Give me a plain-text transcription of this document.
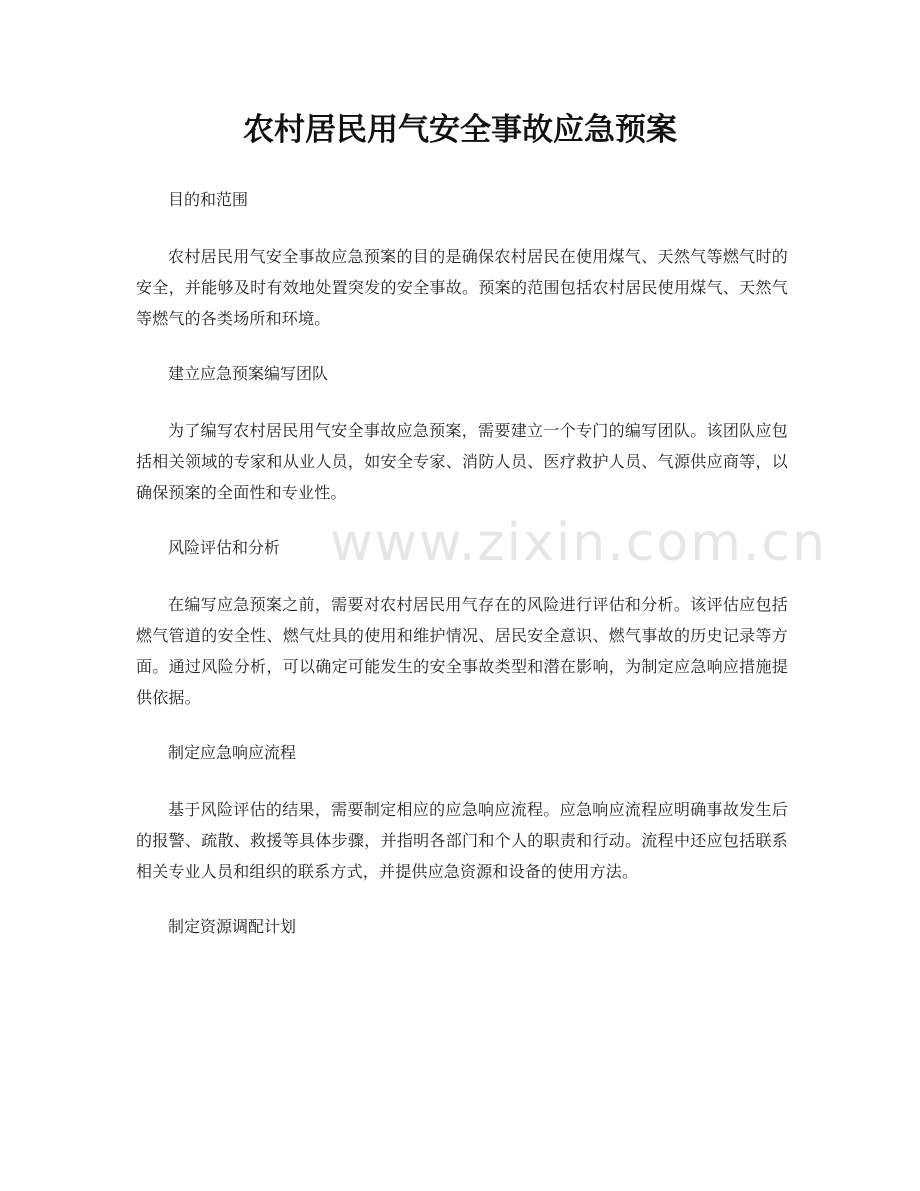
www.zixin.com.cn
农村居民用气安全事故应急预案

目的和范围

农村居民用气安全事故应急预案的目的是确保农村居民在使用煤气、天然气等燃气时的安全，并能够及时有效地处置突发的安全事故。预案的范围包括农村居民使用煤气、天然气等燃气的各类场所和环境。

建立应急预案编写团队

为了编写农村居民用气安全事故应急预案，需要建立一个专门的编写团队。该团队应包括相关领域的专家和从业人员，如安全专家、消防人员、医疗救护人员、气源供应商等，以确保预案的全面性和专业性。

风险评估和分析

在编写应急预案之前，需要对农村居民用气存在的风险进行评估和分析。该评估应包括燃气管道的安全性、燃气灶具的使用和维护情况、居民安全意识、燃气事故的历史记录等方面。通过风险分析，可以确定可能发生的安全事故类型和潜在影响，为制定应急响应措施提供依据。

制定应急响应流程

基于风险评估的结果，需要制定相应的应急响应流程。应急响应流程应明确事故发生后的报警、疏散、救援等具体步骤，并指明各部门和个人的职责和行动。流程中还应包括联系相关专业人员和组织的联系方式，并提供应急资源和设备的使用方法。

制定资源调配计划
